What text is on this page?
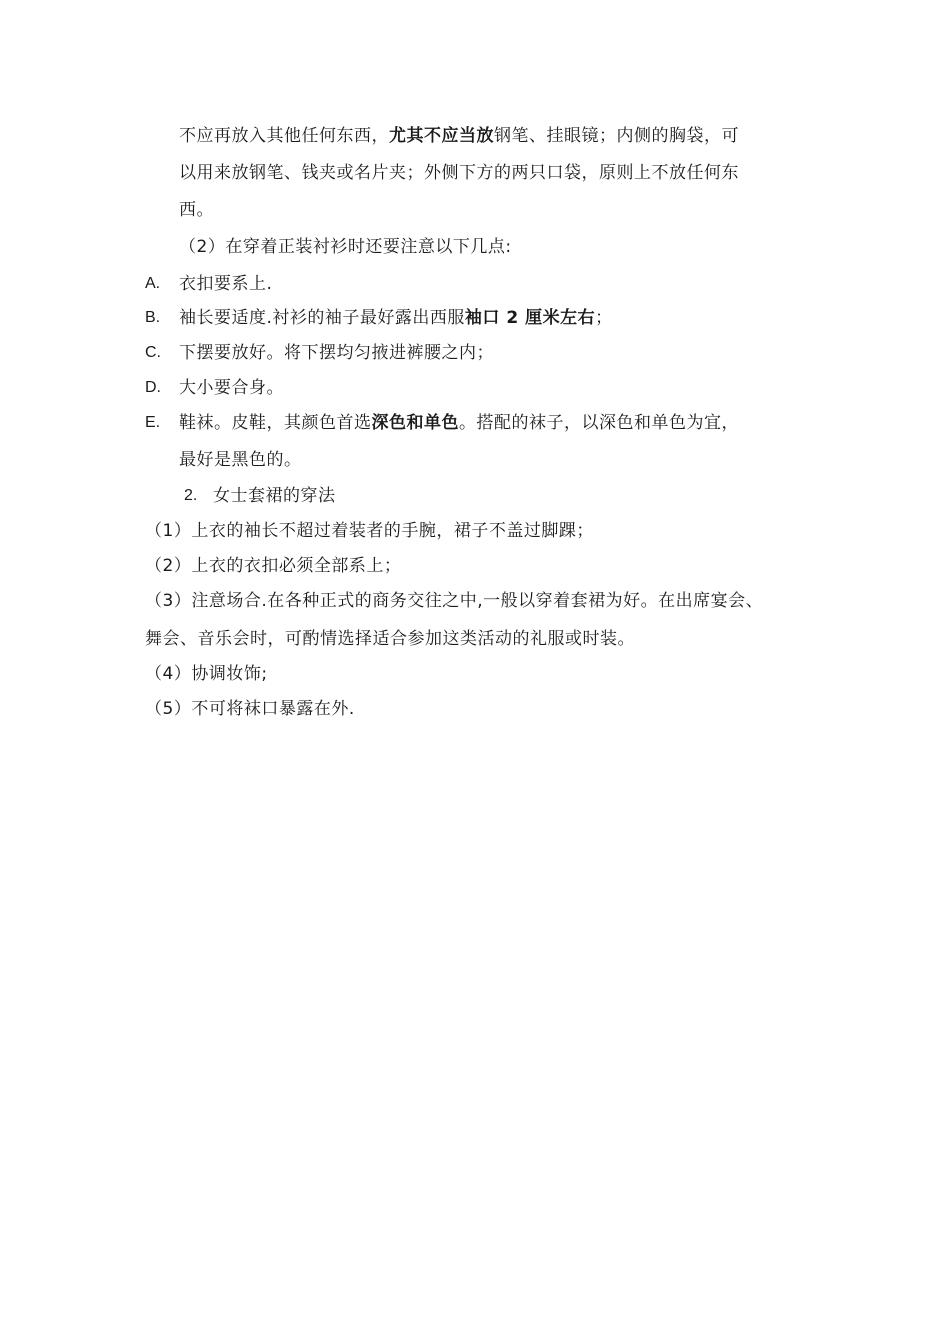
不应再放入其他任何东西，尤其不应当放钢笔、挂眼镜；内侧的胸袋，可
以用来放钢笔、钱夹或名片夹；外侧下方的两只口袋，原则上不放任何东
西。
（2）在穿着正装衬衫时还要注意以下几点:
A. 衣扣要系上.
B. 袖长要适度.衬衫的袖子最好露出西服袖口 2 厘米左右；
C. 下摆要放好。将下摆均匀掖进裤腰之内；
D. 大小要合身。
E. 鞋袜。皮鞋，其颜色首选深色和单色。搭配的袜子，以深色和单色为宜，
最好是黑色的。
2. 女士套裙的穿法
（1）上衣的袖长不超过着装者的手腕，裙子不盖过脚踝；
（2）上衣的衣扣必须全部系上；
（3）注意场合.在各种正式的商务交往之中,一般以穿着套裙为好。在出席宴会、
舞会、音乐会时，可酌情选择适合参加这类活动的礼服或时装。
（4）协调妆饰;
（5）不可将袜口暴露在外.
